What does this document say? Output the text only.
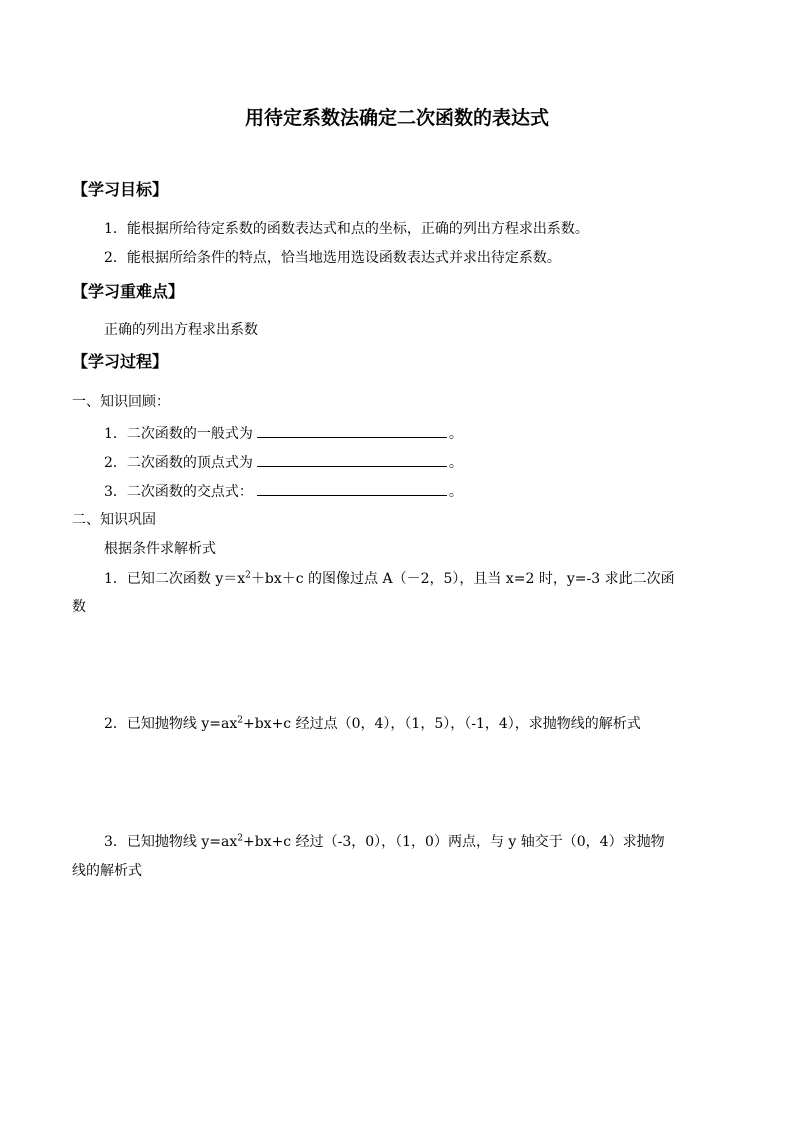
用待定系数法确定二次函数的表达式
【学习目标】
1．能根据所给待定系数的函数表达式和点的坐标，正确的列出方程求出系数。
2．能根据所给条件的特点，恰当地选用选设函数表达式并求出待定系数。
【学习重难点】
正确的列出方程求出系数
【学习过程】
一、知识回顾：
1．二次函数的一般式为	。
2．二次函数的顶点式为	。
3．二次函数的交点式：	。
二、知识巩固
根据条件求解析式
1．已知二次函数 $y=x^2+bx+c$ 的图像过点 A（－2，5），且当 x=2 时，y=-3 求此二次函
数
2．已知抛物线 $y=ax^2+bx+c$ 经过点（0，4），（1，5），（-1，4），求抛物线的解析式
3．已知抛物线 $y=ax^2+bx+c$ 经过（-3，0），（1，0）两点，与 y 轴交于（0，4）求抛物
线的解析式
